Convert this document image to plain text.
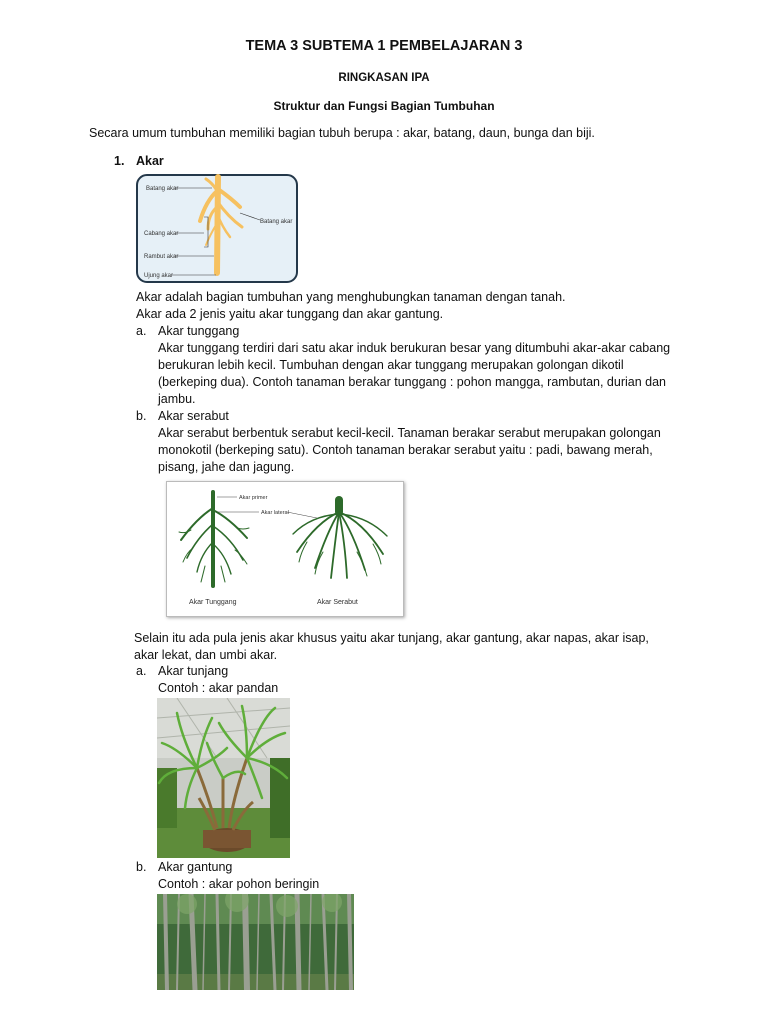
TEMA 3 SUBTEMA 1 PEMBELAJARAN 3
RINGKASAN IPA
Struktur dan Fungsi Bagian Tumbuhan
Secara umum tumbuhan memiliki bagian tubuh berupa : akar, batang, daun, bunga dan biji.
1. Akar
Batang akar
Batang akar
Cabang akar
Rambut akar
Ujung akar
Akar adalah bagian tumbuhan yang menghubungkan tanaman dengan tanah.
Akar ada 2 jenis yaitu akar tunggang dan akar gantung.
a. Akar tunggang
Akar tunggang terdiri dari satu akar induk berukuran besar yang ditumbuhi akar-akar cabang
berukuran lebih kecil. Tumbuhan dengan akar tunggang merupakan golongan dikotil
(berkeping dua). Contoh tanaman berakar tunggang : pohon mangga, rambutan, durian dan
jambu.
b. Akar serabut
Akar serabut berbentuk serabut kecil-kecil. Tanaman berakar serabut merupakan golongan
monokotil (berkeping satu). Contoh tanaman berakar serabut yaitu : padi, bawang merah,
pisang, jahe dan jagung.
Akar primer
Akar lateral
Akar Tunggang	Akar Serabut
Selain itu ada pula jenis akar khusus yaitu akar tunjang, akar gantung, akar napas, akar isap,
akar lekat, dan umbi akar.
a. Akar tunjang
Contoh : akar pandan
b. Akar gantung
Contoh : akar pohon beringin
